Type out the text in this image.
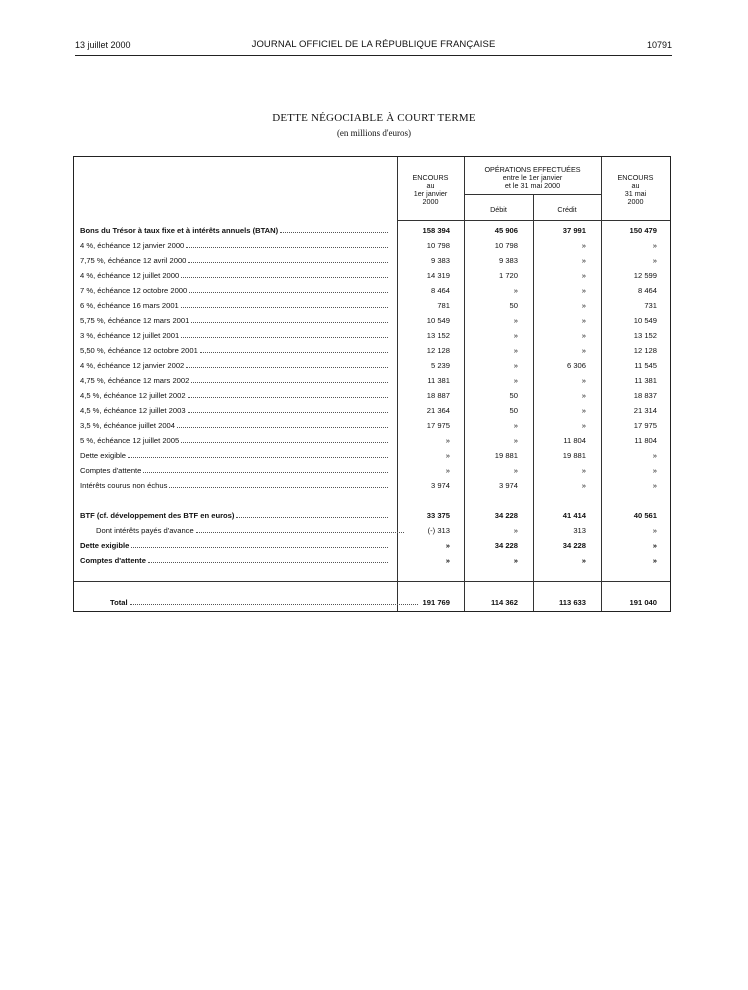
13 juillet 2000	JOURNAL OFFICIEL DE LA RÉPUBLIQUE FRANÇAISE	10791
DETTE NÉGOCIABLE À COURT TERME
(en millions d'euros)
ENCOURS
au
1er janvier
2000
OPÉRATIONS EFFECTUÉES
entre le 1er janvier
et le 31 mai 2000
Débit	Crédit
ENCOURS
au
31 mai
2000
Bons du Trésor à taux fixe et à intérêts annuels (BTAN)	158 394	45 906	37 991	150 479
4 %, échéance 12 janvier 2000	10 798	10 798	»	»
7,75 %, échéance 12 avril 2000	9 383	9 383	»	»
4 %, échéance 12 juillet 2000	14 319	1 720	»	12 599
7 %, échéance 12 octobre 2000	8 464	»	»	8 464
6 %, échéance 16 mars 2001	781	50	»	731
5,75 %, échéance 12 mars 2001	10 549	»	»	10 549
3 %, échéance 12 juillet 2001	13 152	»	»	13 152
5,50 %, échéance 12 octobre 2001	12 128	»	»	12 128
4 %, échéance 12 janvier 2002	5 239	»	6 306	11 545
4,75 %, échéance 12 mars 2002	11 381	»	»	11 381
4,5 %, échéance 12 juillet 2002	18 887	50	»	18 837
4,5 %, échéance 12 juillet 2003	21 364	50	»	21 314
3,5 %, échéance juillet 2004	17 975	»	»	17 975
5 %, échéance 12 juillet 2005	»	»	11 804	11 804
Dette exigible	»	19 881	19 881	»
Comptes d'attente	»	»	»	»
Intérêts courus non échus	3 974	3 974	»	»
BTF (cf. développement des BTF en euros)	33 375	34 228	41 414	40 561
Dont intérêts payés d'avance	(-) 313	»	313	»
Dette exigible	»	34 228	34 228	»
Comptes d'attente	»	»	»	»
Total	191 769	114 362	113 633	191 040
